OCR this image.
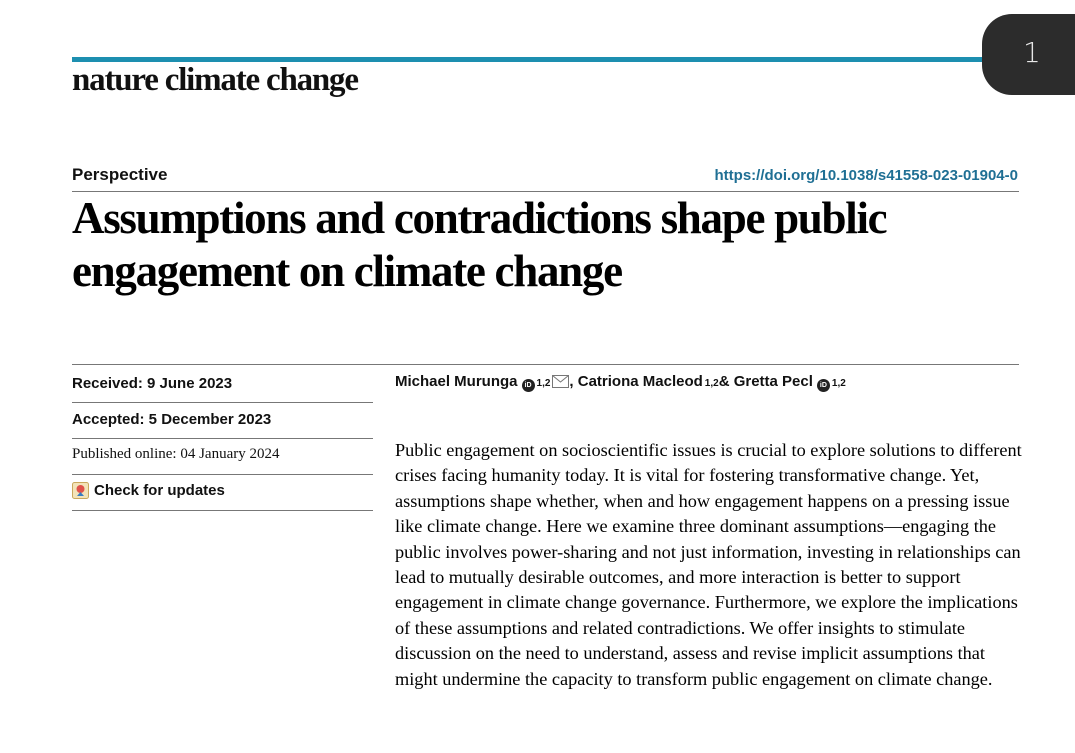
nature climate change
1
Perspective	https://doi.org/10.1038/s41558-023-01904-0
Assumptions and contradictions shape public engagement on climate change
Received: 9 June 2023
Accepted: 5 December 2023
Published online: 04 January 2024
Check for updates
Michael Murunga	iD 1,2 , Catriona Macleod 1,2 & Gretta Pecl	iD 1,2

Public engagement on socioscientific issues is crucial to explore solutions to different crises facing humanity today. It is vital for fostering transformative change. Yet, assumptions shape whether, when and how engagement happens on a pressing issue like climate change. Here we examine three dominant assumptions—engaging the public involves power-sharing and not just information, investing in relationships can lead to mutually desirable outcomes, and more interaction is better to support engagement in climate change governance. Furthermore, we explore the implications of these assumptions and related contradictions. We offer insights to stimulate discussion on the need to understand, assess and revise implicit assumptions that might undermine the capacity to transform public engagement on climate change.
